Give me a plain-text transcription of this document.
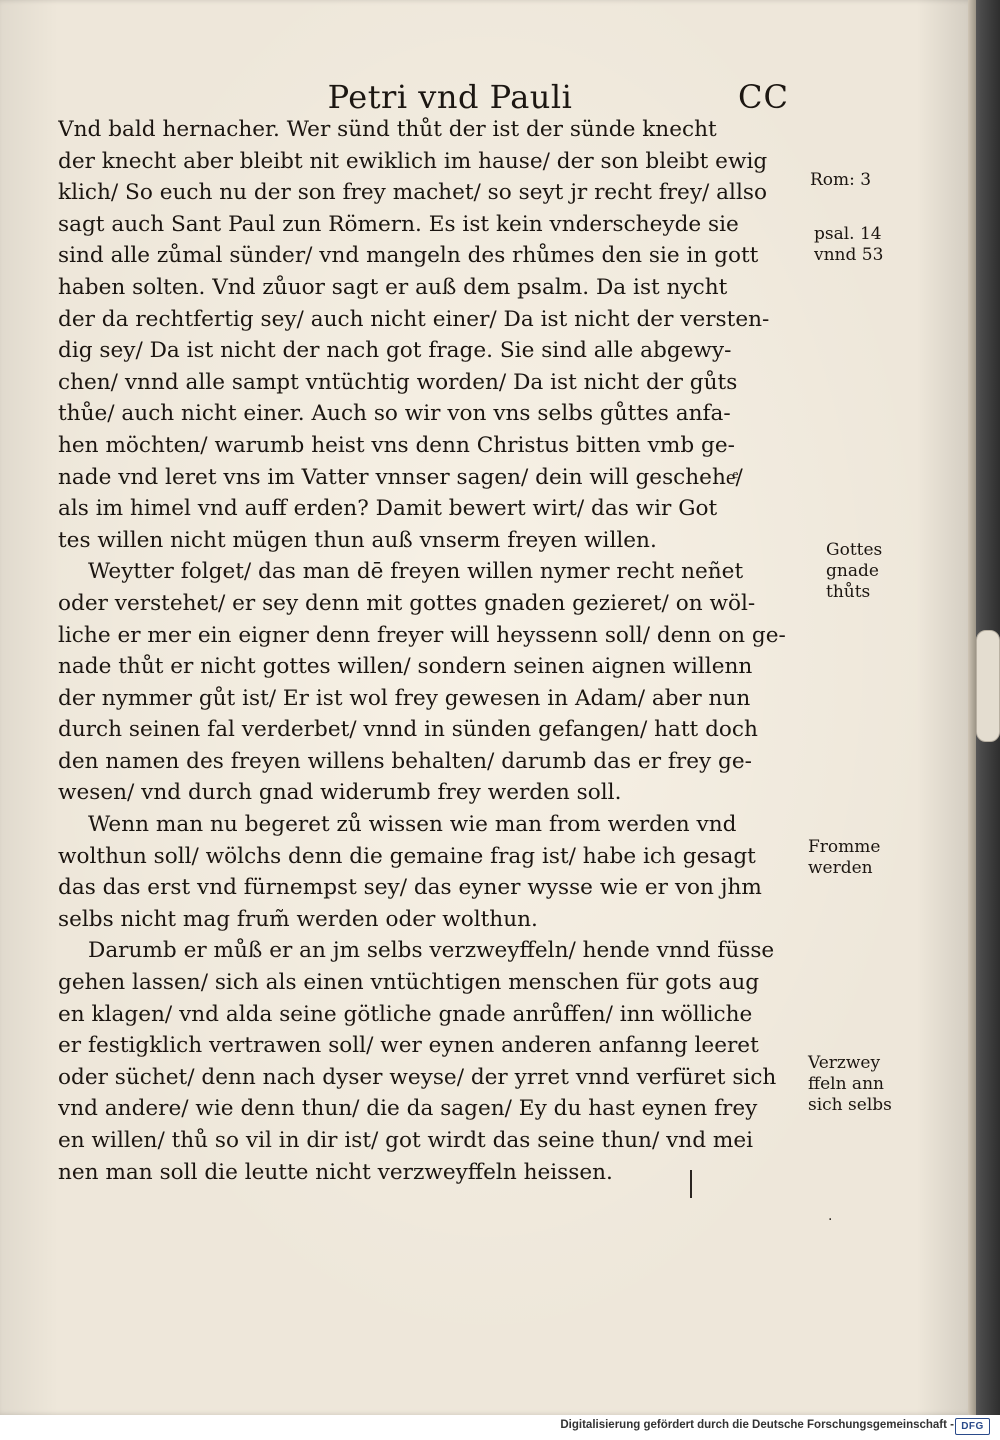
Petri vnd Pauli	CC
Vnd bald hernacher. Wer sünd thůt der ist der sünde knecht
der knecht aber bleibt nit ewiklich im hause/ der son bleibt ewig
klich/ So euch nu der son frey machet/ so seyt jr recht frey/ allso
sagt auch Sant Paul zun Römern. Es ist kein vnderscheyde sie
sind alle zůmal sünder/ vnd mangeln des rhůmes den sie in gott
haben solten. Vnd zůuor sagt er auß dem psalm. Da ist nycht
der da rechtfertig sey/ auch nicht einer/ Da ist nicht der versten-
dig sey/ Da ist nicht der nach got frage. Sie sind alle abgewy-
chen/ vnnd alle sampt vntüchtig worden/ Da ist nicht der gůts
thůe/ auch nicht einer. Auch so wir von vns selbs gůttes anfa-
hen möchten/ warumb heist vns denn Christus bitten vmb ge-
nade vnd leret vns im Vatter vnnser sagen/ dein will gescheheͤ/
als im himel vnd auff erden? Damit bewert wirt/ das wir Got
tes willen nicht mügen thun auß vnserm freyen willen.
Weytter folget/ das man dē freyen willen nymer recht neñet
oder verstehet/ er sey denn mit gottes gnaden gezieret/ on wöl-
liche er mer ein eigner denn freyer will heyssenn soll/ denn on ge-
nade thůt er nicht gottes willen/ sondern seinen aignen willenn
der nymmer gůt ist/ Er ist wol frey gewesen in Adam/ aber nun
durch seinen fal verderbet/ vnnd in sünden gefangen/ hatt doch
den namen des freyen willens behalten/ darumb das er frey ge-
wesen/ vnd durch gnad widerumb frey werden soll.
Wenn man nu begeret zů wissen wie man from werden vnd
wolthun soll/ wölchs denn die gemaine frag ist/ habe ich gesagt
das das erst vnd fürnempst sey/ das eyner wysse wie er von jhm
selbs nicht mag frum̃ werden oder wolthun.
Darumb er můß er an jm selbs verzweyffeln/ hende vnnd füsse
gehen lassen/ sich als einen vntüchtigen menschen für gots aug
en klagen/ vnd alda seine götliche gnade anrůffen/ inn wölliche
er festigklich vertrawen soll/ wer eynen anderen anfanng leeret
oder süchet/ denn nach dyser weyse/ der yrret vnnd verfüret sich
vnd andere/ wie denn thun/ die da sagen/ Ey du hast eynen frey
en willen/ thů so vil in dir ist/ got wirdt das seine thun/ vnd mei
nen man soll die leutte nicht verzweyffeln heissen.
Rom: 3
psal. 14
vnnd 53
Gottes
gnade
thůts
Fromme
werden
Verzwey
ffeln ann
sich selbs
·
Digitalisierung gefördert durch die Deutsche Forschungsgemeinschaft - DFG
